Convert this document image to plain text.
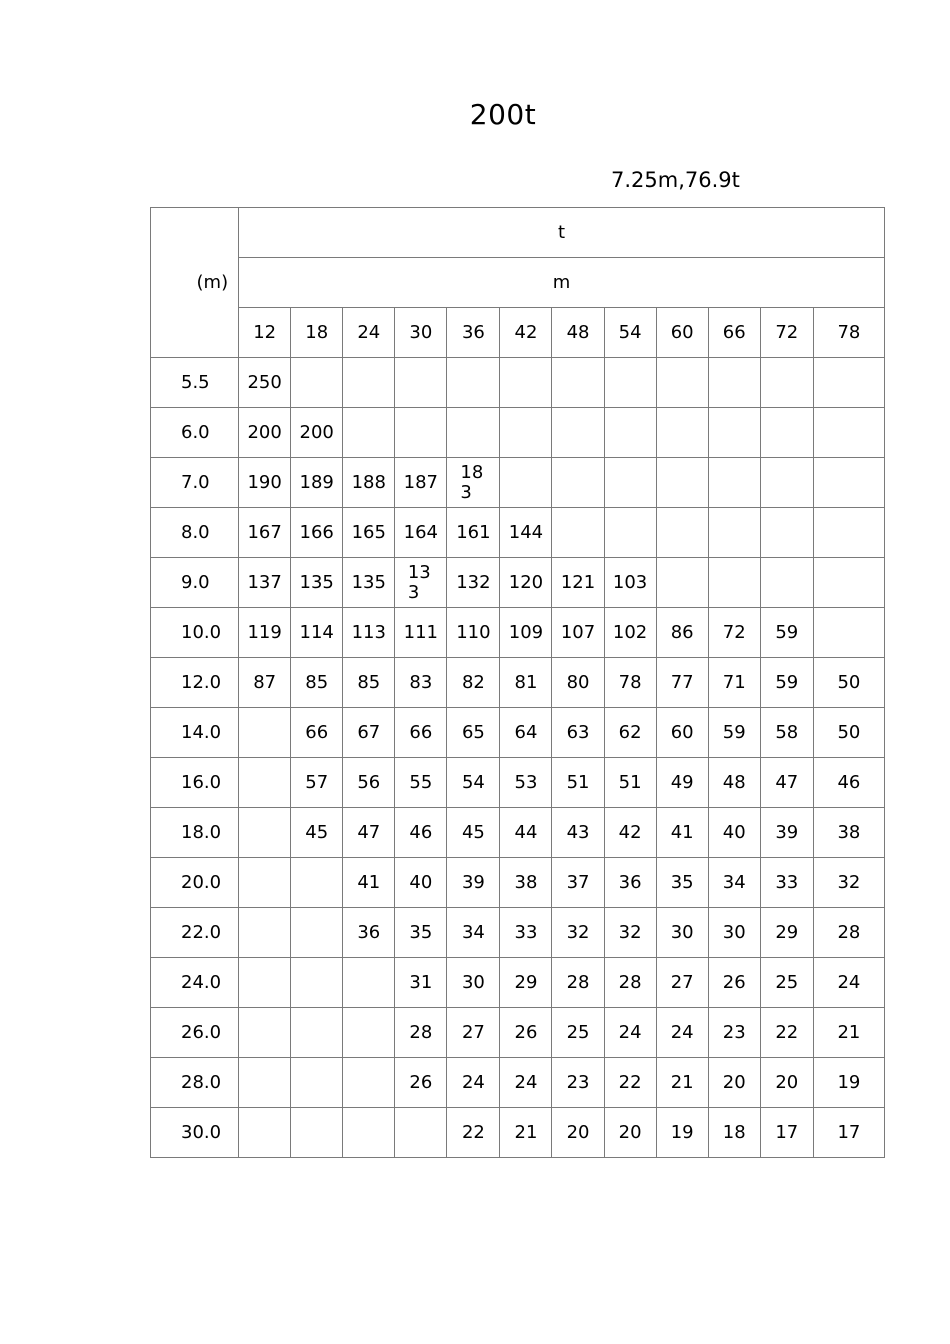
200t
7.25m,76.9t
(m)	t											
	m											
	12	18	24	30	36	42	48	54	60	66	72	78
5.5	250											
6.0	200	200										
7.0	190	189	188	187	183							
8.0	167	166	165	164	161	144						
9.0	137	135	135	133	132	120	121	103				
10.0	119	114	113	111	110	109	107	102	86	72	59	
12.0	87	85	85	83	82	81	80	78	77	71	59	50
14.0		66	67	66	65	64	63	62	60	59	58	50
16.0		57	56	55	54	53	51	51	49	48	47	46
18.0		45	47	46	45	44	43	42	41	40	39	38
20.0			41	40	39	38	37	36	35	34	33	32
22.0			36	35	34	33	32	32	30	30	29	28
24.0				31	30	29	28	28	27	26	25	24
26.0				28	27	26	25	24	24	23	22	21
28.0				26	24	24	23	22	21	20	20	19
30.0					22	21	20	20	19	18	17	17
